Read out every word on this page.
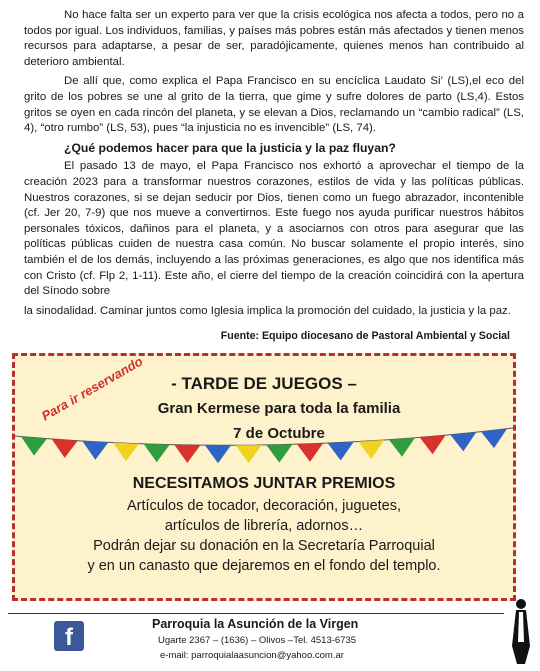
No hace falta ser un experto para ver que la crisis ecológica nos afecta a todos, pero no a todos por igual. Los individuos, familias, y países más pobres están más afectados y tienen menos recursos para adaptarse, a pesar de ser, paradójicamente, quienes menos han contribuido al deterioro ambiental.

De allí que, como explica el Papa Francisco en su encíclica Laudato Si’ (LS),el eco del grito de los pobres se une al grito de la tierra, que gime y sufre dolores de parto (LS,4). Estos gritos se oyen en cada rincón del planeta, y se elevan a Dios, reclamando un “cambio radical” (LS, 4), “otro rumbo” (LS, 53), pues “la injusticia no es invencible” (LS, 74).

¿Qué podemos hacer para que la justicia y la paz fluyan?

El pasado 13 de mayo, el Papa Francisco nos exhortó a aprovechar el tiempo de la creación 2023 para a transformar nuestros corazones, estilos de vida y las políticas públicas. Nuestros corazones, si se dejan seducir por Dios, tienen como un fuego abrazador, incontenible (cf. Jer 20, 7-9) que nos mueve a convertirnos. Este fuego nos ayuda purificar nuestros hábitos personales tóxicos, dañinos para el planeta, y a asociarnos con otros para asegurar que las políticas públicas cuiden de nuestra casa común. No buscar solamente el propio interés, sino también el de los demás, incluyendo a las próximas generaciones, es algo que nos identifica más con Cristo (cf. Flp 2, 1-11). Este año, el cierre del tiempo de la creación coincidirá con la apertura del Sínodo sobre

la sinodalidad. Caminar juntos como Iglesia implica la promoción del cuidado, la justicia y la paz.

Fuente: Equipo diocesano de Pastoral Ambiental y Social
Para ir reservando	- TARDE DE JUEGOS –
Gran Kermese para toda la familia
7 de Octubre
NECESITAMOS JUNTAR PREMIOS
Artículos de tocador, decoración, juguetes,
artículos de librería, adornos…
Podrán dejar su donación en la Secretaría Parroquial
y en un canasto que dejaremos en el fondo del templo.
f	Parroquia la Asunción de la Virgen
Ugarte 2367 – (1636) – Olivos –Tel. 4513-6735
e-mail: parroquialaasuncion@yahoo.com.ar
